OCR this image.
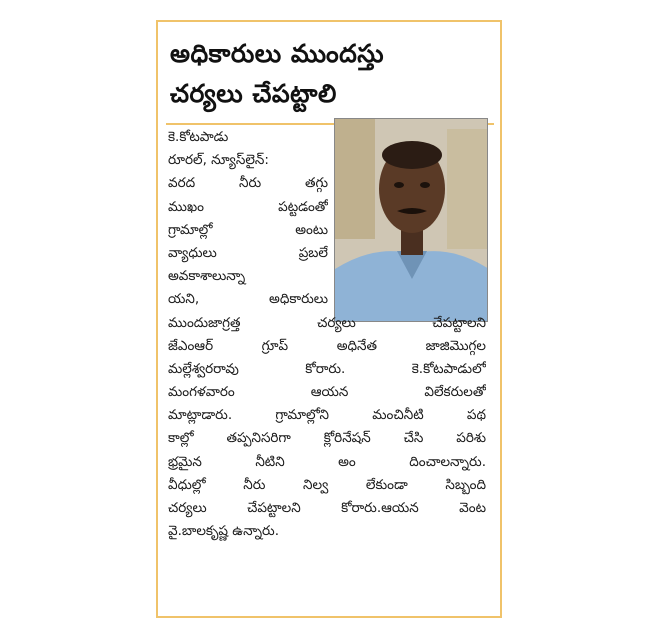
అధికారులు ముందస్తు
చర్యలు చేపట్టాలి
కె.కోటపాడు
రూరల్, న్యూస్‌లైన్:
వరద నీరు తగ్గు
ముఖం పట్టడంతో
గ్రామాల్లో అంటు
వ్యాధులు ప్రబలే
అవకాశాలున్నా
యని, అధికారులు
ముందుజాగ్రత్త చర్యలు చేపట్టాలని
జేఎంఆర్ గ్రూప్ అధినేత జాజిమొగ్గల
మల్లేశ్వరరావు కోరారు. కె.కోటపాడులో
మంగళవారం ఆయన విలేకరులతో
మాట్లాడారు. గ్రామాల్లోని మంచినీటి పథ
కాల్లో తప్పనిసరిగా క్లోరినేషన్ చేసి పరిశు
భ్రమైన నీటిని అం దించాలన్నారు.
వీధుల్లో నీరు నిల్వ లేకుండా సిబ్బంది
చర్యలు చేపట్టాలని కోరారు.ఆయన వెంట
వై.బాలకృష్ణ ఉన్నారు.
